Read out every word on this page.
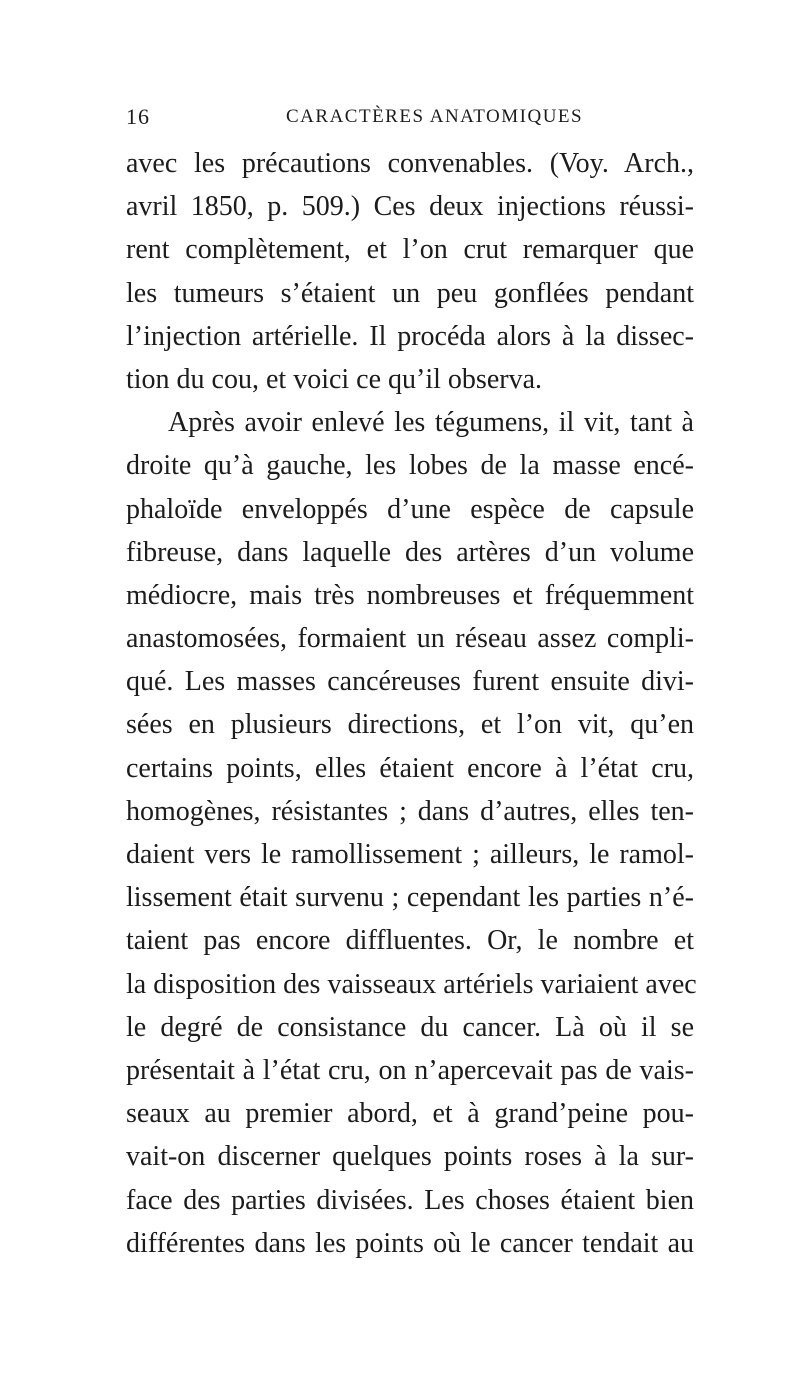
16	CARACTÈRES ANATOMIQUES
avec les précautions convenables. (Voy. Arch.,
avril 1850, p. 509.) Ces deux injections réussi-
rent complètement, et l’on crut remarquer que
les tumeurs s’étaient un peu gonflées pendant
l’injection artérielle. Il procéda alors à la dissec-
tion du cou, et voici ce qu’il observa.
Après avoir enlevé les tégumens, il vit, tant à
droite qu’à gauche, les lobes de la masse encé-
phaloïde enveloppés d’une espèce de capsule
fibreuse, dans laquelle des artères d’un volume
médiocre, mais très nombreuses et fréquemment
anastomosées, formaient un réseau assez compli-
qué. Les masses cancéreuses furent ensuite divi-
sées en plusieurs directions, et l’on vit, qu’en
certains points, elles étaient encore à l’état cru,
homogènes, résistantes ; dans d’autres, elles ten-
daient vers le ramollissement ; ailleurs, le ramol-
lissement était survenu ; cependant les parties n’é-
taient pas encore diffluentes. Or, le nombre et
la disposition des vaisseaux artériels variaient avec
le degré de consistance du cancer. Là où il se
présentait à l’état cru, on n’apercevait pas de vais-
seaux au premier abord, et à grand’peine pou-
vait-on discerner quelques points roses à la sur-
face des parties divisées. Les choses étaient bien
différentes dans les points où le cancer tendait au
